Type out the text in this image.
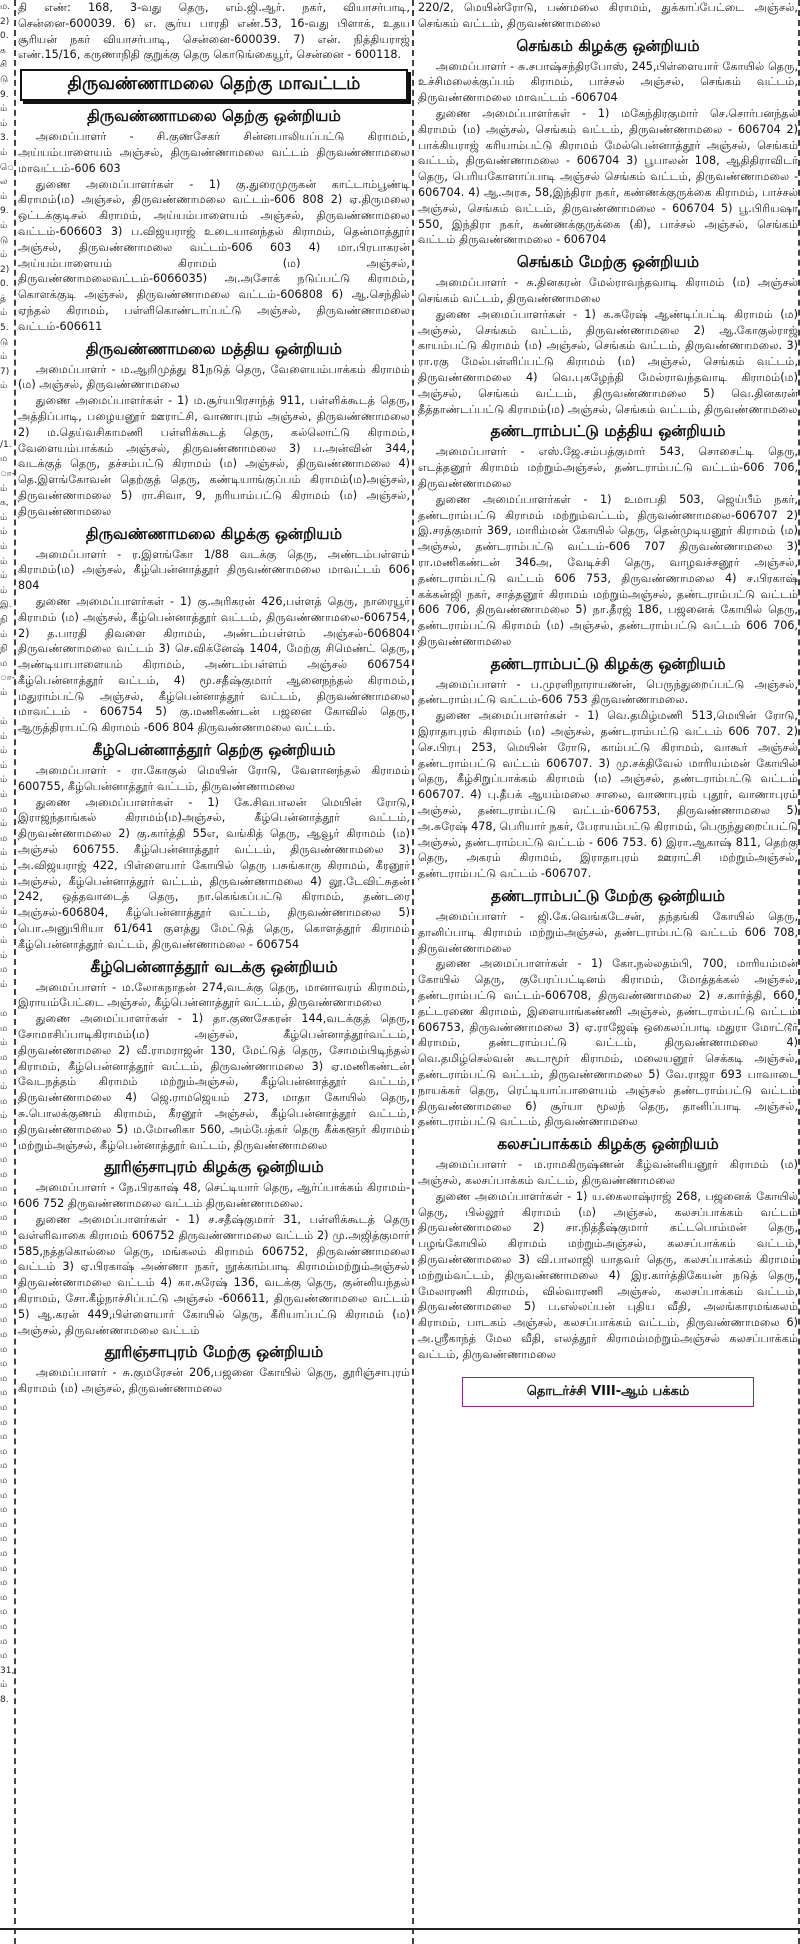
ம.
2)
0.
க
சி
டு
9.
ம்
ம்
3.
ம்
ெ
ல
ம்
9.
ம்
டு
ம்
2)
0.
த்
ம்
5.
டு
ம்
7)
ம்
/1.
ம
ா-
ம்
க,
ம்
ம்
ம்
ம்
ம்
ம்
இ.
நி
ம்
நி
ம
ா-
ம்
ம்
ம்
ம்
ம்
ம்
ம்
ம
ம்
ம
ம்
ம்
ம்
ம
ம்
ம
ம்
ம்
ம
ம்
ம
ம
ம்
ம
ம
ம்
ம
ம்
ம
ம
ம
ம
ம
ம
ம
ம
ம
ம
ம
ம
ம
ம
ம
ம
ம
ம
ம
ம
ம
ம
ம
ம
ம
ம
ம
ம
ம
ம
ம
ம
ம
ம
ம
ம
ம
31,
ம்
8.

தி எண்: 168, 3-வது தெரு, எம்.ஜி.ஆர். நகர், வியாசர்பாடி, சென்னை-600039. 6) எ. சூர்ய பாரதி எண்.53, 16-வது பிளாக், உதய சூரியன் நகர் வியாசர்பாடி, சென்னை-600039. 7) என். நித்தியராஜ் எண்.15/16, கருணாநிதி குறுக்கு தெரு கொடுங்கையூர், சென்னை - 600118.

திருவண்ணாமலை தெற்கு மாவட்டம்
திருவண்ணாமலை தெற்கு ஒன்றியம்

அமைப்பாளர் - சி.குணசேகர் சின்னபாலியப்பட்டு கிராமம், அய்யம்பாளையம் அஞ்சல், திருவண்ணாமலை வட்டம் திருவண்ணாமலை மாவட்டம்-606 603

துணை அமைப்பாளர்கள் - 1) கு.துரைமுருகன் காட்டாம்பூண்டி கிராமம்(ம) அஞ்சல், திருவண்ணாமலை வட்டம்-606 808 2) ஏ.திருமலை ஒட்டக்குடிசல் கிராமம், அய்யம்பாளையம் அஞ்சல், திருவண்ணாமலை வட்டம்-606603 3) ப.விஜயராஜ் உடையானந்தல் கிராமம், தென்மாத்தூர் அஞ்சல், திருவண்ணாமலை வட்டம்-606 603 4) மா.பிரபாகரன் அய்யம்பாளையம் கிராமம் (ம) அஞ்சல், திருவண்ணாமலைவட்டம்-6066035) அ.அசோக் நடுப்பட்டு கிராமம், கொளக்குடி அஞ்சல், திருவண்ணாமலை வட்டம்-606808 6) ஆ.செந்தில் ஏந்தல் கிராமம், பள்ளிகொண்டாப்பட்டு அஞ்சல், திருவண்ணாமலை வட்டம்-606611

திருவண்ணாமலை மத்திய ஒன்றியம்

அமைப்பாளர் - ம.ஆறிமுத்து 81நடுத் தெரு, வேளையம்பாக்கம் கிராமம் (ம) அஞ்சல், திருவண்ணாமலை

துணை அமைப்பாளர்கள் - 1) ம.சூர்யபிரசாந்த் 911, பள்ளிக்கூடத் தெரு, அத்திப்பாடி, பழையனூர் ஊராட்சி, வாணாபுரம் அஞ்சல், திருவண்ணாமலை 2) ம.தெய்வசிகாமணி பள்ளிக்கூடத் தெரு, கல்லொட்டு கிராமம், வேளையம்பாக்கம் அஞ்சல், திருவண்ணாமலை 3) ப.அன்வின் 344, வடக்குத் தெரு, தச்சம்பட்டு கிராமம் (ம) அஞ்சல், திருவண்ணாமலை 4) தெ.இளங்கோவன் தெற்குத் தெரு, கண்டியாங்குப்பம் கிராமம்(ம)அஞ்சல், திருவண்ணாமலை 5) ரா.சிவா, 9, நரியாம்பட்டு கிராமம் (ம) அஞ்சல், திருவண்ணாமலை

திருவண்ணாமலை கிழக்கு ஒன்றியம்

அமைப்பாளர் - ர.இளங்கோ 1/88 வடக்கு தெரு, அண்டம்பள்ளம் கிராமம்(ம) அஞ்சல், கீழ்பென்னாத்தூர் திருவண்ணாமலை மாவட்டம் 606 804

துணை அமைப்பாளர்கள் - 1) கு.அரிகரன் 426,பள்ளத் தெரு, நாரையூர் கிராமம் (ம) அஞ்சல், கீழ்பென்னாத்தூர் வட்டம், திருவண்ணாமலை-606754, 2) த.பாரதி திவளை கிராமம், அண்டம்பள்ளம் அஞ்சல்-606804 திருவண்ணாமலை வட்டம் 3) செ.விக்னேஷ் 1404, மேற்கு சிமெண்ட் தெரு, அண்டியாபாளையம் கிராமம், அண்டம்பள்ளம் அஞ்சல் 606754 கீழ்பென்னாத்தூர் வட்டம், 4) மூ.சதீஷ்குமார் ஆனைநந்தல் கிராமம், மதுராம்பட்டு அஞ்சல், கீழ்பென்னாத்தூர் வட்டம், திருவண்ணாமலை மாவட்டம் - 606754 5) கு.மணிகண்டன் பஜனை கோவில் தெரு, ஆருத்திராபட்டு கிராமம் -606 804 திருவண்ணாமலை வட்டம்.

கீழ்பென்னாத்தூர் தெற்கு ஒன்றியம்

அமைப்பாளர் - ரா.கோகுல் மெயின் ரோடு, வேளானந்தல் கிராமம் 600755, கீழ்பென்னாத்தூர் வட்டம், திருவண்ணாமலை

துணை அமைப்பாளர்கள் - 1) கே.சிவபாலன் மெயின் ரோடு, இராஜந்தாங்கல் கிராமம்(ம)அஞ்சல், கீழ்பென்னாத்தூர் வட்டம், திருவண்ணாமலை 2) கு.கார்த்தி 55எ, வங்கித் தெரு, ஆவூர் கிராமம் (ம) அஞ்சல் 606755. கீழ்பென்னாத்தூர் வட்டம், திருவண்ணாமலை 3) அ.விஜயராஜ் 422, பிள்ளையார் கோயில் தெரு பசுங்காரு கிராமம், கீரனூர் அஞ்சல், கீழ்பென்னாத்தூர் வட்டம், திருவண்ணாமலை 4) லூ.டேவிட்சுதன் 242, ஒத்தவாடைத் தெரு, நா.கெங்கப்பட்டு கிராமம், தண்டரை அஞ்சல்-606804, கீழ்பென்னாத்தூர் வட்டம், திருவண்ணாமலை 5) பொ.அனுபிரியா 61/641 குளத்து மேட்டுத் தெரு, கொளத்தூர் கிராமம் கீழ்பென்னாத்தூர் வட்டம், திருவண்ணாமலை - 606754

கீழ்பென்னாத்தூர் வடக்கு ஒன்றியம்

அமைப்பாளர் - ம.லோகநாதன் 274,வடக்கு தெரு, மானாவரம் கிராமம், இராயம்பேட்டை அஞ்சல், கீழ்பென்னாத்தூர் வட்டம், திருவண்ணாமலை

துணை அமைப்பாளர்கள் - 1) தா.குணசேகரன் 144,வடக்குத் தெரு, சோமாசிப்பாடிகிராமம்(ம) அஞ்சல், கீழ்பென்னாத்தூர்வட்டம், திருவண்ணாமலை 2) வீ.ராமராஜன் 130, மேட்டுத் தெரு, சோமம்பிடிந்தல் கிராமம், கீழ்பென்னாத்தூர் வட்டம், திருவண்ணாமலை 3) ஏ.மணிகண்டன் வேடநத்தம் கிராமம் மற்றும்அஞ்சல், கீழ்பென்னாத்தூர் வட்டம், திருவண்ணாமலை 4) ஜெ.ராமஜெயம் 273, மாதா கோயில் தெரு, சு.பொலக்குணம் கிராமம், கீரனூர் அஞ்சல், கீழ்பென்னாத்தூர் வட்டம், திருவண்ணாமலை 5) ம.மோனிகா 560, அம்பேத்கர் தெரு கீக்களூர் கிராமம் மற்றும்அஞ்சல், கீழ்பென்னாத்தூர் வட்டம், திருவண்ணாமலை

தூரிஞ்சாபுரம் கிழக்கு ஒன்றியம்

அமைப்பாளர் - நே.பிரகாஷ் 48, செட்டியார் தெரு, ஆர்ப்பாக்கம் கிராமம்- 606 752 திருவண்ணாமலை வட்டம் திருவண்ணாமலை.

துணை அமைப்பாளர்கள் - 1) ச.சதீஷ்குமார் 31, பள்ளிக்கூடத் தெரு வள்ளிவாகை கிராமம் 606752 திருவண்ணாமலை வட்டம் 2) மு.அஜித்குமார் 585,நத்தகொல்லை தெரு, மங்கலம் கிராமம் 606752, திருவண்ணாமலை வட்டம் 3) ஏ.பிரகாஷ் அண்ணா நகர், நூக்காம்பாடி கிராமம்மற்றும்அஞ்சல் திருவண்ணாமலை வட்டம் 4) கா.சுரேஷ் 136, வடக்கு தெரு, குன்னியந்தல் கிராமம், சோ.கீழ்நாச்சிப்பட்டு அஞ்சல் -606611, திருவண்ணாமலை வட்டம் 5) ஆ.கரன் 449,பிள்ளையார் கோயில் தெரு, கீரியாப்பட்டு கிராமம் (ம) அஞ்சல், திருவண்ணாமலை வட்டம்

தூரிஞ்சாபுரம் மேற்கு ஒன்றியம்

அமைப்பாளர் - சு.குமரேசன் 206,பஜனை கோயில் தெரு, தூரிஞ்சாபுரம் கிராமம் (ம) அஞ்சல், திருவண்ணாமலை

220/2, மெயின்ரோடு, பண்மலை கிராமம், துக்காப்பேட்டை அஞ்சல், செங்கம் வட்டம், திருவண்ணாமலை

செங்கம் கிழக்கு ஒன்றியம்

அமைப்பாளர் - சு.சபாஷ்சந்திரபோஸ், 245,பிள்ளையார் கோயில் தெரு, உச்சிமலைக்குப்பம் கிராமம், பாச்சல் அஞ்சல், செங்கம் வட்டம், திருவண்ணாமலை மாவட்டம் -606704

துணை அமைப்பாளர்கள் - 1) மகேந்திரகுமார் செ.சொர்பனந்தல் கிராமம் (ம) அஞ்சல், செங்கம் வட்டம், திருவண்ணாமலை - 606704 2) பாக்கியராஜ் கரியாம்பட்டு கிராமம் மேல்பென்னாத்தூர் அஞ்சல், செங்கம் வட்டம், திருவண்ணாமலை - 606704 3) பூபாலன் 108, ஆதிதிராவிடர் தெரு, பெரியகோளாப்பாடி அஞ்சல் செங்கம் வட்டம், திருவண்ணாமலை - 606704. 4) ஆ.அரசு, 58,இந்திரா நகர், கண்ணக்குருக்கை கிராமம், பாச்சல் அஞ்சல், செங்கம் வட்டம், திருவண்ணாமலை - 606704 5) பூ.பிரியஷா 550, இந்திரா நகர், கண்ணக்குருக்கை (கி), பாச்சல் அஞ்சல், செங்கம் வட்டம் திருவண்ணாமலை - 606704

செங்கம் மேற்கு ஒன்றியம்

அமைப்பாளர் - சு.தினகரன் மேல்ராவந்தவாடி கிராமம் (ம) அஞ்சல் செங்கம் வட்டம், திருவண்ணாமலை

துணை அமைப்பாளர்கள் - 1) க.சுரேஷ் ஆண்டிப்பட்டி கிராமம் (ம) அஞ்சல், செங்கம் வட்டம், திருவண்ணாமலை 2) ஆ.கோகுல்ராஜ் காயம்பட்டு கிராமம் (ம) அஞ்சல், செங்கம் வட்டம், திருவண்ணாமலை. 3) ரா.ரகு மேல்பள்ளிப்பட்டு கிராமம் (ம) அஞ்சல், செங்கம் வட்டம், திருவண்ணாமலை 4) வெ.புகழேந்தி மேல்ராவந்தவாடி கிராமம்(ம) அஞ்சல், செங்கம் வட்டம், திருவண்ணாமலை 5) வெ.தினகரன் தீத்தாண்டப்பட்டு கிராமம்(ம) அஞ்சல், செங்கம் வட்டம், திருவண்ணாமலை

தண்டராம்பட்டு மத்திய ஒன்றியம்

அமைப்பாளர் - எஸ்.ஜே.சம்பத்குமார் 543, சொசைட்டி தெரு, எடத்தனூர் கிராமம் மற்றும்அஞ்சல், தண்டராம்பட்டு வட்டம்-606 706, திருவண்ணாமலை

துணை அமைப்பாளர்கள் - 1) உமாபதி 503, ஜெய்பீம் நகர், தண்டராம்பட்டு கிராமம் மற்றும்வட்டம், திருவண்ணாமலை-606707 2) இ.சரத்குமார் 369, மாரிம்மன் கோயில் தெரு, தென்முடியனூர் கிராமம் (ம) அஞ்சல், தண்டராம்பட்டு வட்டம்-606 707 திருவண்ணாமலை 3) ரா.மணிகண்டன் 346அ, வேடிச்சி தெரு, வாழவச்சனூர் அஞ்சல், தண்டராம்பட்டு வட்டம் 606 753, திருவண்ணாமலை 4) ச.பிரகாஷ் கக்கன்ஜி நகர், சாத்தனூர் கிராமம் மற்றும்அஞ்சல், தண்டராம்பட்டு வட்டம் 606 706, திருவண்ணாமலை 5) நா.தீரஜ் 186, பஜனைக் கோயில் தெரு, தண்டராம்பட்டு கிராமம் (ம) அஞ்சல், தண்டராம்பட்டு வட்டம் 606 706, திருவண்ணாமலை

தண்டராம்பட்டு கிழக்கு ஒன்றியம்

அமைப்பாளர் - ப.முரளிநாராயணன், பெருந்துறைப்பட்டு அஞ்சல், தண்டராம்பட்டு வட்டம்-606 753 திருவண்ணாமலை.

துணை அமைப்பாளர்கள் - 1) வெ.தமிழ்மணி 513,மெயின் ரோடு, இராதாபுரம் கிராமம் (ம) அஞ்சல், தண்டராம்பட்டு வட்டம் 606 707. 2) செ.பிரபு 253, மெயின் ரோடு, காம்பட்டு கிராமம், வாகூர் அஞ்சல் தண்டராம்பட்டு வட்டம் 606707. 3) மு.சக்திவேல் மாரியம்மன் கோயில் தெரு, கீழ்சிறுப்பாக்கம் கிராமம் (ம) அஞ்சல், தண்டராம்பட்டு வட்டம் 606707. 4) பு.தீபக் ஆயம்மலை சாலை, வாணாபுரம் புதூர், வாணாபுரம் அஞ்சல், தண்டராம்பட்டு வட்டம்-606753, திருவண்ணாமலை 5) அ.சுரேஷ் 478, பெரியார் நகர், பேராயம்பட்டு கிராமம், பெருந்துறைப்பட்டு அஞ்சல், தண்டராம்பட்டு வட்டம் - 606 753. 6) இரா.ஆகாஷ் 811, தெற்கு தெரு, அகரம் கிராமம், இராதாபுரம் ஊராட்சி மற்றும்அஞ்சல், தண்டராம்பட்டு வட்டம் -606707.

தண்டராம்பட்டு மேற்கு ஒன்றியம்

அமைப்பாளர் - ஜி.கே.வெங்கடேசன், தந்தங்கி கோயில் தெரு, தானிப்பாடி கிராமம் மற்றும்அஞ்சல், தண்டராம்பட்டு வட்டம் 606 708, திருவண்ணாமலை

துணை அமைப்பாளர்கள் - 1) கோ.நல்லதம்பி, 700, மாரியம்மன் கோயில் தெரு, குபேரப்பட்டினம் கிராமம், மோத்தக்கல் அஞ்சல், தண்டராம்பட்டு வட்டம்-606708, திருவண்ணாமலை 2) ச.கார்த்தி, 660, தட்டரணை கிராமம், இளையாங்கண்ணி அஞ்சல், தண்டராம்பட்டு வட்டம் 606753, திருவண்ணாமலை 3) ஏ.ராஜேஷ் ஒகைலப்பாடி மதுரா மோட்டூர் கிராமம், தண்டராம்பட்டு வட்டம், திருவண்ணாமலை 4) வெ.தமிழ்செல்வன் கூடாமூர் கிராமம், மலையனூர் செக்கடி அஞ்சல், தண்டராம்பட்டு வட்டம், திருவண்ணாமலை 5) வே.ராஜா 693 பாவாடை நாயக்கர் தெரு, ரெட்டியாப்பாளையம் அஞ்சல் தண்டராம்பட்டு வட்டம் திருவண்ணாமலை 6) சூர்யா மூலந் தெரு, தானிப்பாடி அஞ்சல், தண்டராம்பட்டு வட்டம், திருவண்ணாமலை

கலசப்பாக்கம் கிழக்கு ஒன்றியம்

அமைப்பாளர் - ம.ராமகிருஷ்ணன் கீழ்வன்னியனூர் கிராமம் (ம) அஞ்சல், கலசப்பாக்கம் வட்டம், திருவண்ணாமலை

துணை அமைப்பாளர்கள் - 1) ய.கைலாஷ்ராஜ் 268, பஜனைக் கோயில் தெரு, பில்லூர் கிராமம் (ம) அஞ்சல், கலசப்பாக்கம் வட்டம் திருவண்ணாமலை 2) சா.நித்தீஷ்குமார் கட்டபொம்மன் தெரு, பழங்கோயில் கிராமம் மற்றும்அஞ்சல், கலசப்பாக்கம் வட்டம், திருவண்ணாமலை 3) வி.பாலாஜி யாதவர் தெரு, கலசப்பாக்கம் கிராமம் மற்றும்வட்டம், திருவண்ணாமலை 4) இர.கார்த்திகேயன் நடுத் தெரு, மேலாரணி கிராமம், வில்வாரணி அஞ்சல், கலசப்பாக்கம் வட்டம், திருவண்ணாமலை 5) ப.எல்லப்பன் புதிய வீதி, அலங்காரமங்கலம் கிராமம், பாடகம் அஞ்சல், கலசப்பாக்கம் வட்டம், திருவண்ணாமலை 6) அ.ஸ்ரீகாந்த் மேல வீதி, எலத்தூர் கிராமம்மற்றும்அஞ்சல் கலசப்பாக்கம் வட்டம், திருவண்ணாமலை

தொடர்ச்சி VIII-ஆம் பக்கம்
